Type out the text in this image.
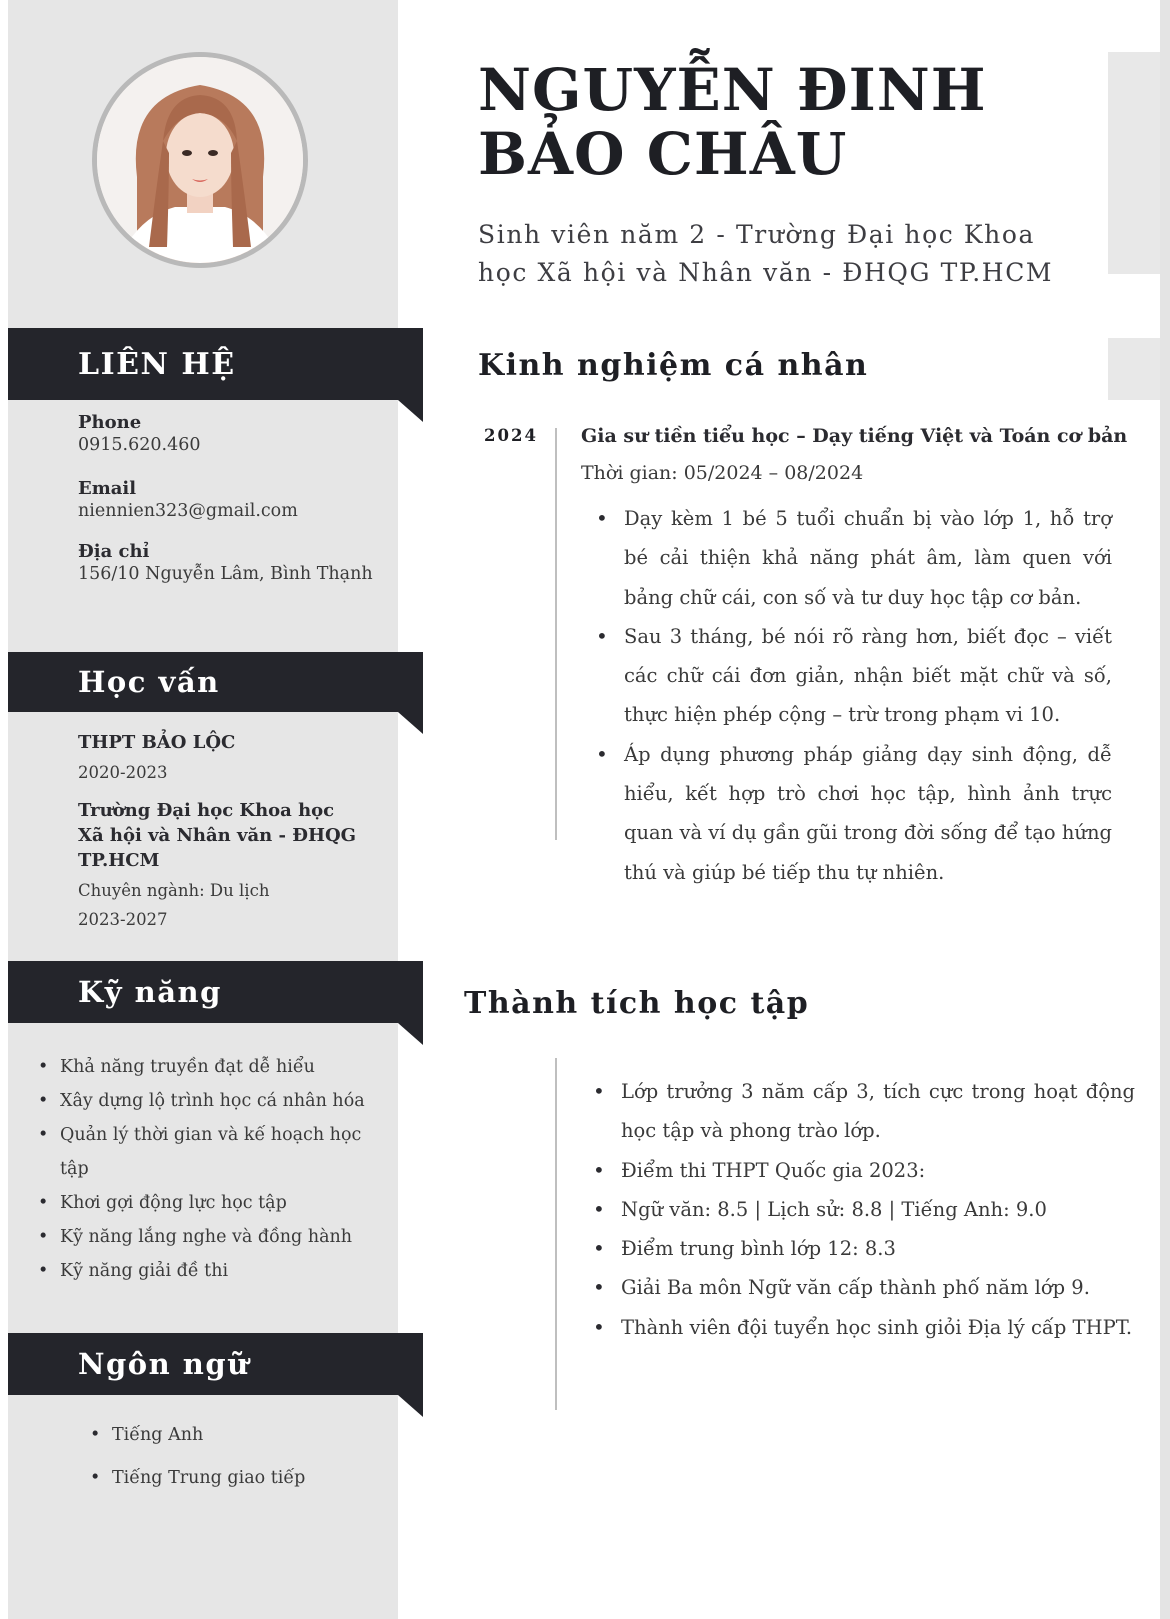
LIÊN HỆ
Phone
0915.620.460
Email
niennien323@gmail.com
Địa chỉ
156/10 Nguyễn Lâm, Bình Thạnh
Học vấn
THPT BẢO LỘC
2020-2023
Trường Đại học Khoa học
Xã hội và Nhân văn - ĐHQG
TP.HCM
Chuyên ngành: Du lịch
2023-2027
Kỹ năng
• Khả năng truyền đạt dễ hiểu
• Xây dựng lộ trình học cá nhân hóa
• Quản lý thời gian và kế hoạch học tập
• Khơi gợi động lực học tập
• Kỹ năng lắng nghe và đồng hành
• Kỹ năng giải đề thi
Ngôn ngữ
• Tiếng Anh
• Tiếng Trung giao tiếp
NGUYỄN ĐINH
BẢO CHÂU
Sinh viên năm 2 - Trường Đại học Khoa
học Xã hội và Nhân văn - ĐHQG TP.HCM
Kinh nghiệm cá nhân
2024 Gia sư tiền tiểu học – Dạy tiếng Việt và Toán cơ bản
Thời gian: 05/2024 – 08/2024
• Dạy kèm 1 bé 5 tuổi chuẩn bị vào lớp 1, hỗ trợ bé cải thiện khả năng phát âm, làm quen với bảng chữ cái, con số và tư duy học tập cơ bản.
• Sau 3 tháng, bé nói rõ ràng hơn, biết đọc – viết các chữ cái đơn giản, nhận biết mặt chữ và số, thực hiện phép cộng – trừ trong phạm vi 10.
• Áp dụng phương pháp giảng dạy sinh động, dễ hiểu, kết hợp trò chơi học tập, hình ảnh trực quan và ví dụ gần gũi trong đời sống để tạo hứng thú và giúp bé tiếp thu tự nhiên.
Thành tích học tập
• Lớp trưởng 3 năm cấp 3, tích cực trong hoạt động học tập và phong trào lớp.
• Điểm thi THPT Quốc gia 2023:
• Ngữ văn: 8.5 | Lịch sử: 8.8 | Tiếng Anh: 9.0
• Điểm trung bình lớp 12: 8.3
• Giải Ba môn Ngữ văn cấp thành phố năm lớp 9.
• Thành viên đội tuyển học sinh giỏi Địa lý cấp THPT.
